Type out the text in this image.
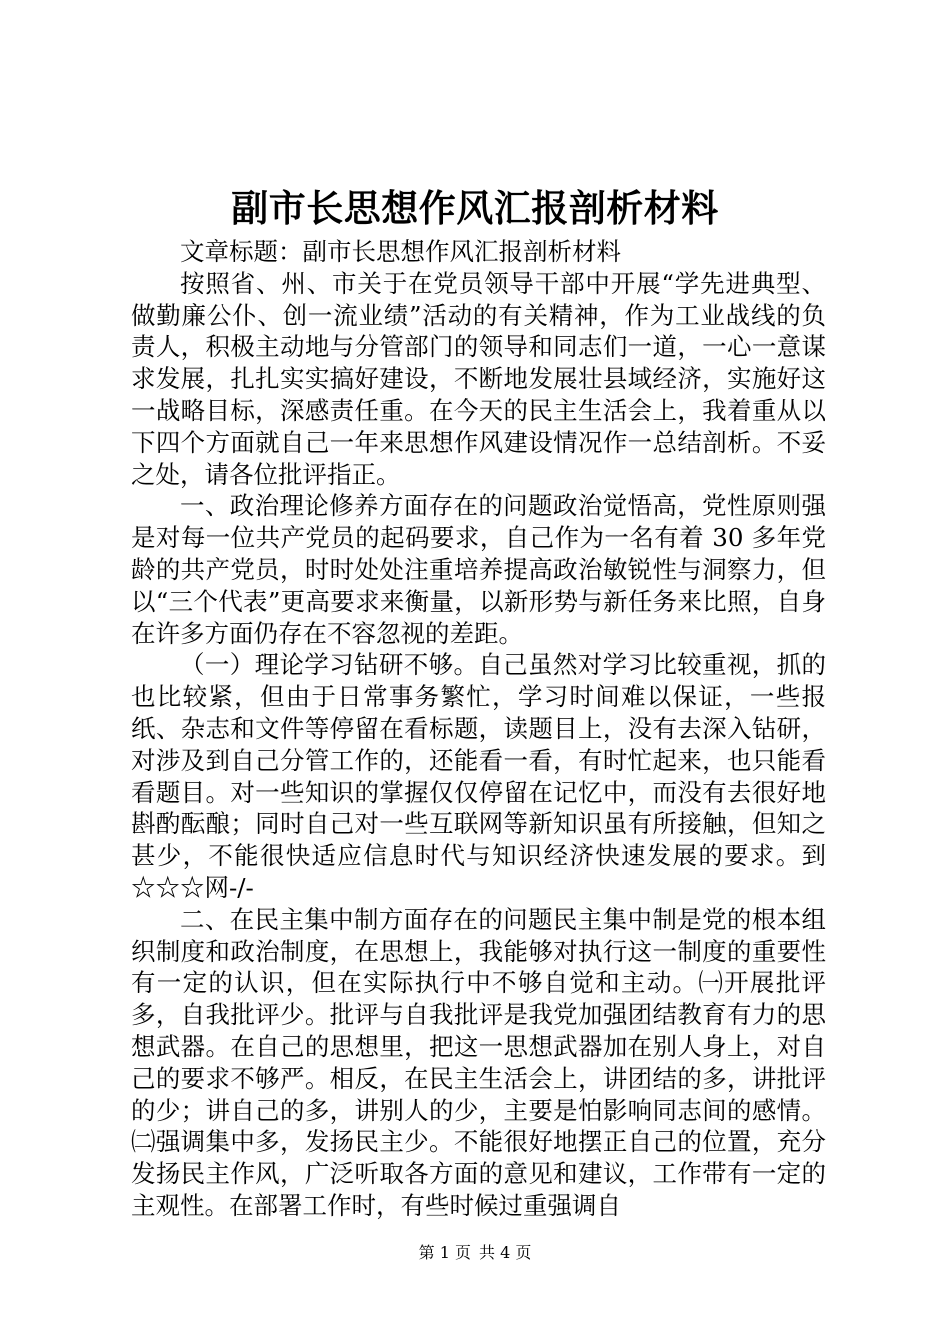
副市长思想作风汇报剖析材料

文章标题：副市长思想作风汇报剖析材料

按照省、州、市关于在党员领导干部中开展“学先进典型、做勤廉公仆、创一流业绩”活动的有关精神，作为工业战线的负责人，积极主动地与分管部门的领导和同志们一道，一心一意谋求发展，扎扎实实搞好建设，不断地发展壮县域经济，实施好这一战略目标，深感责任重。在今天的民主生活会上，我着重从以下四个方面就自己一年来思想作风建设情况作一总结剖析。不妥之处，请各位批评指正。

一、政治理论修养方面存在的问题政治觉悟高，党性原则强是对每一位共产党员的起码要求，自己作为一名有着 30 多年党龄的共产党员，时时处处注重培养提高政治敏锐性与洞察力，但以“三个代表”更高要求来衡量，以新形势与新任务来比照，自身在许多方面仍存在不容忽视的差距。

（一）理论学习钻研不够。自己虽然对学习比较重视，抓的也比较紧，但由于日常事务繁忙，学习时间难以保证，一些报纸、杂志和文件等停留在看标题，读题目上，没有去深入钻研，对涉及到自己分管工作的，还能看一看，有时忙起来，也只能看看题目。对一些知识的掌握仅仅停留在记忆中，而没有去很好地斟酌酝酿；同时自己对一些互联网等新知识虽有所接触，但知之甚少，不能很快适应信息时代与知识经济快速发展的要求。到☆☆☆网-/-

二、在民主集中制方面存在的问题民主集中制是党的根本组织制度和政治制度，在思想上，我能够对执行这一制度的重要性有一定的认识，但在实际执行中不够自觉和主动。㈠开展批评多，自我批评少。批评与自我批评是我党加强团结教育有力的思想武器。在自己的思想里，把这一思想武器加在别人身上，对自己的要求不够严。相反，在民主生活会上，讲团结的多，讲批评的少；讲自己的多，讲别人的少，主要是怕影响同志间的感情。㈡强调集中多，发扬民主少。不能很好地摆正自己的位置，充分发扬民主作风，广泛听取各方面的意见和建议，工作带有一定的主观性。在部署工作时，有些时候过重强调自

第 1 页 共 4 页
